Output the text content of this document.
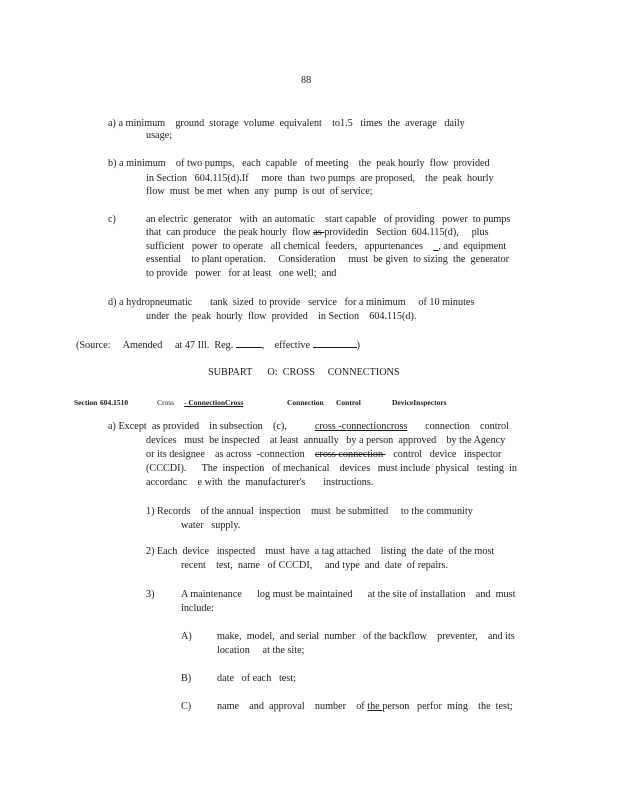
88
a) a minimum    ground  storage  volume  equivalent    to1.5   times  the  average   daily
usage;
b) a minimum    of two pumps,   each  capable   of meeting    the  peak hourly  flow  provided
in Section   604.115(d).If     more  than  two pumps  are proposed,    the  peak  hourly
flow  must  be met  when  any  pump  is out  of service;
c)	an electric  generator   with  an automatic    start capable   of providing   power  to pumps
that  can produce   the peak hourly  flow as providedin   Section  604.115(d),     plus
sufficient   power  to operate   all chemical  feeders,   appurtenances      , and  equipment
essential    to plant operation.     Consideration     must  be given  to sizing  the  generator
to provide   power   for at least   one well;  and
d) a hydropneumatic       tank  sized  to provide   service   for a minimum     of 10 minutes
under  the  peak  hourly  flow  provided    in Section    604.115(d).
(Source:     Amended     at 47 Ill.  Reg.	,    effective	)
SUBPART      O:  CROSS     CONNECTIONS
Section 604.1510	Cross - ConnectionCross	Connection Control	DeviceInspectors
a) Except  as provided    in subsection    (c),           cross -connectioncross       connection    control
devices   must  be inspected    at least  annually   by a person  approved    by the Agency
or its designee    as across  -connection    cross connection    control   device   inspector
(CCCDI).      The  inspection   of mechanical    devices   must include  physical   testing  in
accordanc    e with  the  manufacturer's       instructions.
1) Records    of the annual  inspection    must  be submitted     to the community
water   supply.
2) Each  device   inspected    must  have  a tag attached    listing  the date  of the most
recent    test,  name   of CCCDI,     and type  and  date  of repairs.
3)	A maintenance      log must be maintained      at the site of installation    and  must
include:
A) make,  model,  and serial  number   of the backflow    preventer,    and its
location     at the site;
B)	date   of each   test;
C)	name    and  approval    number    of the person   perfor  ming    the  test;
